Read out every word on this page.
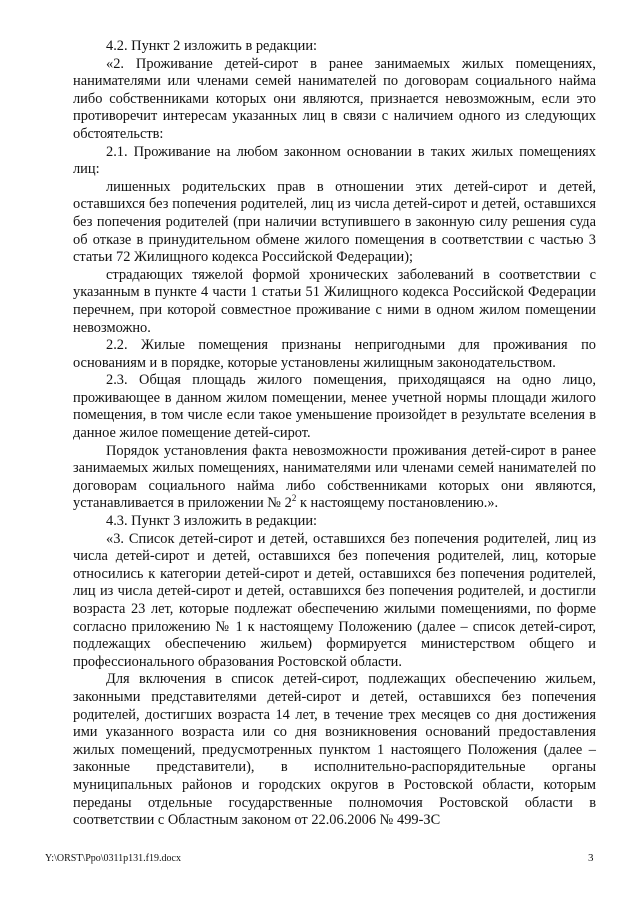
4.2. Пункт 2 изложить в редакции:

«2. Проживание детей-сирот в ранее занимаемых жилых помещениях, нанимателями или членами семей нанимателей по договорам социального найма либо собственниками которых они являются, признается невозможным, если это противоречит интересам указанных лиц в связи с наличием одного из следующих обстоятельств:

2.1. Проживание на любом законном основании в таких жилых помещениях лиц:

лишенных родительских прав в отношении этих детей-сирот и детей, оставшихся без попечения родителей, лиц из числа детей-сирот и детей, оставшихся без попечения родителей (при наличии вступившего в законную силу решения суда об отказе в принудительном обмене жилого помещения в соответствии с частью 3 статьи 72 Жилищного кодекса Российской Федерации);

страдающих тяжелой формой хронических заболеваний в соответствии с указанным в пункте 4 части 1 статьи 51 Жилищного кодекса Российской Федерации перечнем, при которой совместное проживание с ними в одном жилом помещении невозможно.

2.2. Жилые помещения признаны непригодными для проживания по основаниям и в порядке, которые установлены жилищным законодательством.

2.3. Общая площадь жилого помещения, приходящаяся на одно лицо, проживающее в данном жилом помещении, менее учетной нормы площади жилого помещения, в том числе если такое уменьшение произойдет в результате вселения в данное жилое помещение детей-сирот.

Порядок установления факта невозможности проживания детей-сирот в ранее занимаемых жилых помещениях, нанимателями или членами семей нанимателей по договорам социального найма либо собственниками которых они являются, устанавливается в приложении № $2^2$ к настоящему постановлению.».

4.3. Пункт 3 изложить в редакции:

«3. Список детей-сирот и детей, оставшихся без попечения родителей, лиц из числа детей-сирот и детей, оставшихся без попечения родителей, лиц, которые относились к категории детей-сирот и детей, оставшихся без попечения родителей, лиц из числа детей-сирот и детей, оставшихся без попечения родителей, и достигли возраста 23 лет, которые подлежат обеспечению жилыми помещениями, по форме согласно приложению № 1 к настоящему Положению (далее – список детей-сирот, подлежащих обеспечению жильем) формируется министерством общего и профессионального образования Ростовской области.

Для включения в список детей-сирот, подлежащих обеспечению жильем, законными представителями детей-сирот и детей, оставшихся без попечения родителей, достигших возраста 14 лет, в течение трех месяцев со дня достижения ими указанного возраста или со дня возникновения оснований предоставления жилых помещений, предусмотренных пунктом 1 настоящего Положения (далее – законные представители), в исполнительно-распорядительные органы муниципальных районов и городских округов в Ростовской области, которым переданы отдельные государственные полномочия Ростовской области в соответствии с Областным законом от 22.06.2006 № 499-ЗС

Y:\ORST\Ppo\0311p131.f19.docx	3
